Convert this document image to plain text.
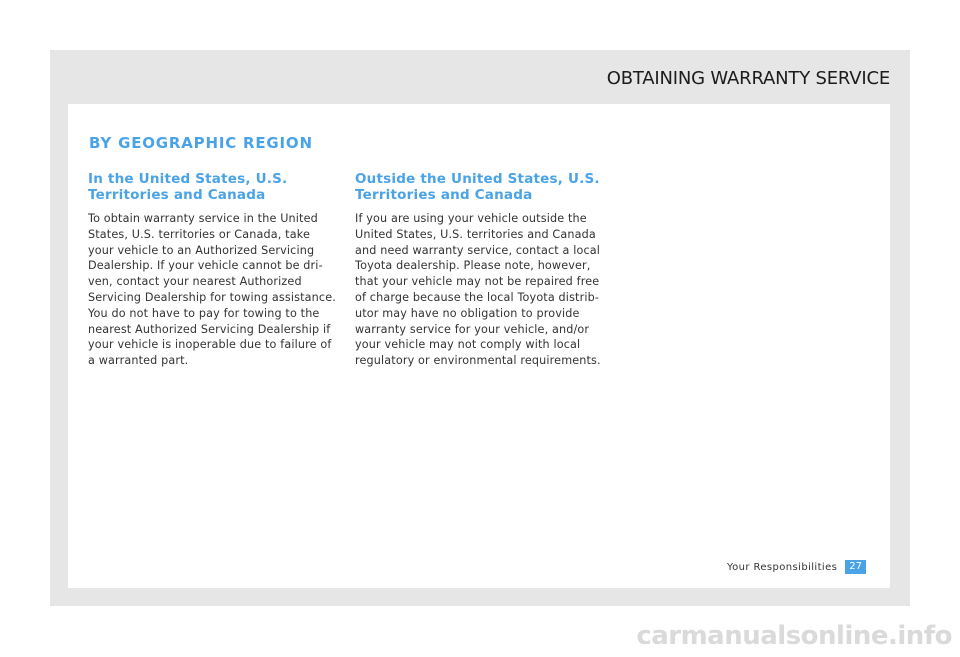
OBTAINING WARRANTY SERVICE
BY GEOGRAPHIC REGION
In the United States, U.S.
Territories and Canada
To obtain warranty service in the United
States, U.S. territories or Canada, take
your vehicle to an Authorized Servicing
Dealership. If your vehicle cannot be dri-
ven, contact your nearest Authorized
Servicing Dealership for towing assistance.
You do not have to pay for towing to the
nearest Authorized Servicing Dealership if
your vehicle is inoperable due to failure of
a warranted part.
Outside the United States, U.S.
Territories and Canada
If you are using your vehicle outside the
United States, U.S. territories and Canada
and need warranty service, contact a local
Toyota dealership. Please note, however,
that your vehicle may not be repaired free
of charge because the local Toyota distrib-
utor may have no obligation to provide
warranty service for your vehicle, and/or
your vehicle may not comply with local
regulatory or environmental requirements.
Your Responsibilities	27
carmanualsonline.info
